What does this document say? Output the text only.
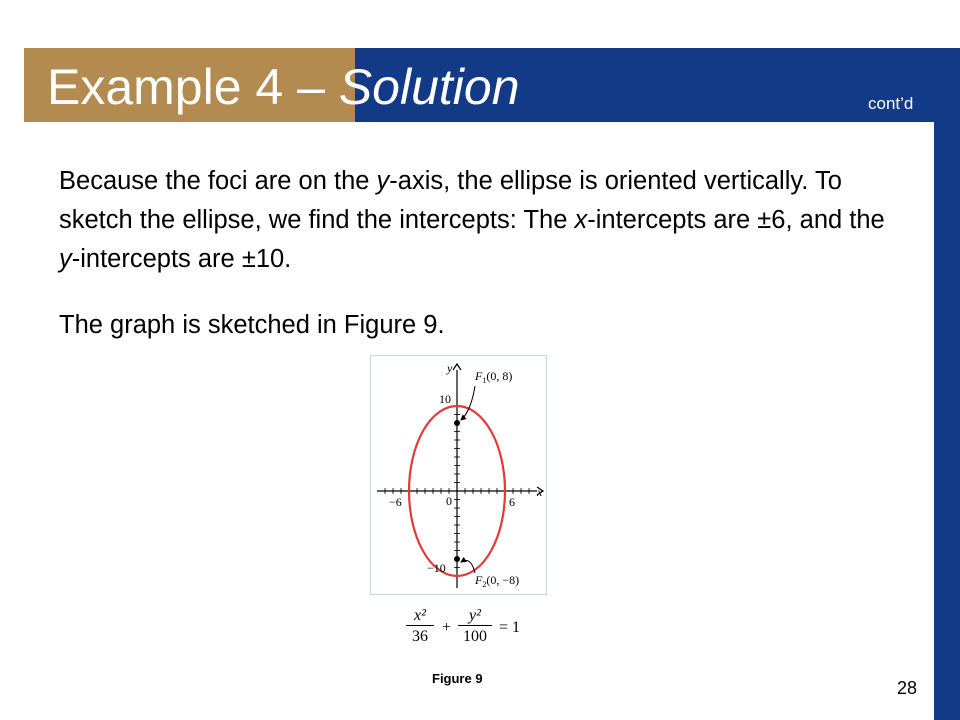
Example 4 – Solution	cont’d

Because the foci are on the y-axis, the ellipse is oriented vertically. To sketch the ellipse, we find the intercepts: The x-intercepts are ±6, and the y-intercepts are ±10.

The graph is sketched in Figure 9.

y
x
−6	6
0
10
−10
$F_1(0$, 8)
$F_2(0$, −8)
$\frac{\text{x²}}{36} + \frac{\text{y²}}{100} = 1$
Figure 9	28
